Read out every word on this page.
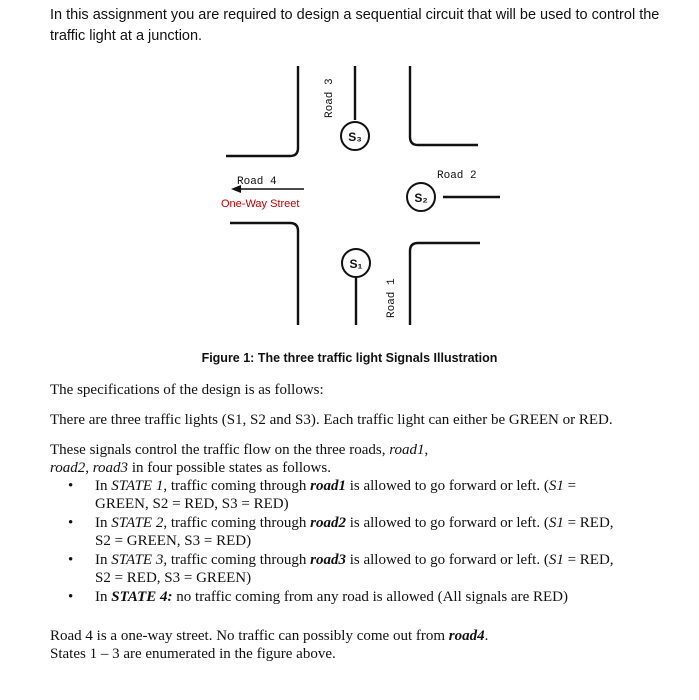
In this assignment you are required to design a sequential circuit that will be used to control the traffic light at a junction.

S₃
S₂
S₁
Road 3
Road 2
Road 4
One-Way Street
Road 1

Figure 1: The three traffic light Signals Illustration

The specifications of the design is as follows:

There are three traffic lights (S1, S2 and S3). Each traffic light can either be GREEN or RED.

These signals control the traffic flow on the three roads, road1,
road2, road3 in four possible states as follows.

• In STATE 1, traffic coming through road1 is allowed to go forward or left. (S1 =
GREEN, S2 = RED, S3 = RED)
• In STATE 2, traffic coming through road2 is allowed to go forward or left. (S1 = RED,
S2 = GREEN, S3 = RED)
• In STATE 3, traffic coming through road3 is allowed to go forward or left. (S1 = RED,
S2 = RED, S3 = GREEN)
• In STATE 4: no traffic coming from any road is allowed (All signals are RED)

Road 4 is a one-way street. No traffic can possibly come out from road4.
States 1 – 3 are enumerated in the figure above.
